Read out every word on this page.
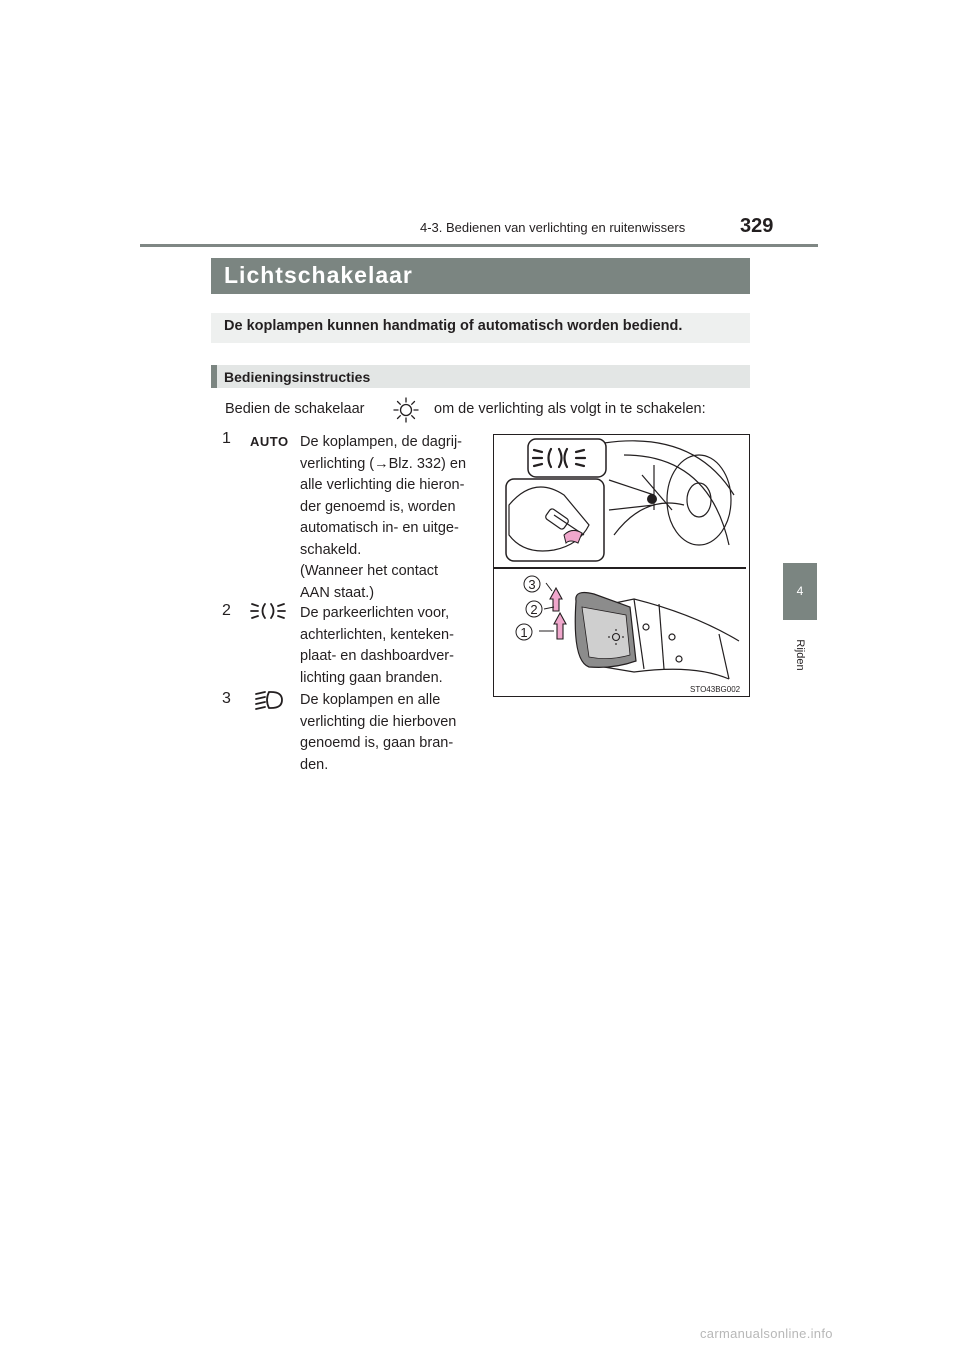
4-3. Bedienen van verlichting en ruitenwissers	329
4
Rijden
Lichtschakelaar
De koplampen kunnen handmatig of automatisch worden bediend.
Bedieningsinstructies
Bedien de schakelaar	om de verlichting als volgt in te schakelen:
1	AUTO De koplampen, de dagrij-

verlichting (→Blz. 332) en

alle verlichting die hieron-

der genoemd is, worden

automatisch in- en uitge-

schakeld.

(Wanneer het contact

AAN staat.)

2	De parkeerlichten voor,

achterlichten, kenteken-

plaat- en dashboardver-

lichting gaan branden.

3	De koplampen en alle

verlichting die hierboven

genoemd is, gaan bran-

den.

3
2
1
STO43BG002
carmanualsonline.info
